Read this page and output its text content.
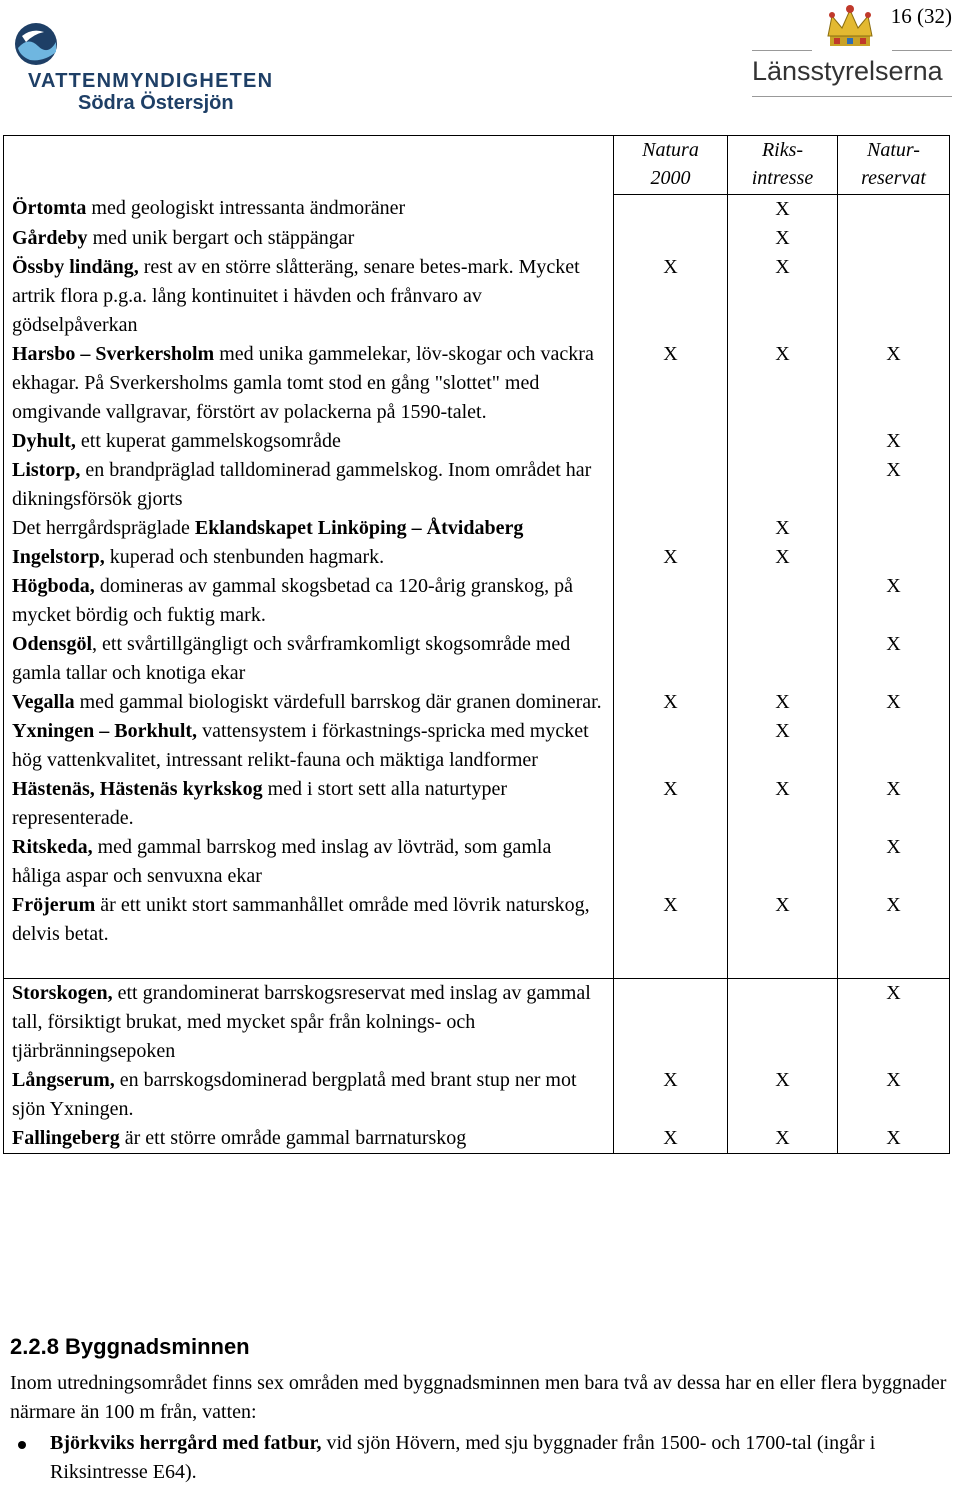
VATTENMYNDIGHETEN
Södra Östersjön
16 (32)
Länsstyrelserna
	Natura 2000	Riks-intresse	Natur-reservat
Örtomta med geologiskt intressanta ändmoräner		X	
Gårdeby med unik bergart och stäppängar		X	
Össby lindäng, rest av en större slåtteräng, senare betes-mark. Mycket artrik flora p.g.a. lång kontinuitet i hävden och frånvaro av gödselpåverkan	X	X	
Harsbo – Sverkersholm med unika gammelekar, löv-skogar och vackra ekhagar. På Sverkersholms gamla tomt stod en gång "slottet" med omgivande vallgravar, förstört av polackerna på 1590-talet.	X	X	X
Dyhult, ett kuperat gammelskogsområde			X
Listorp, en brandpräglad talldominerad gammelskog. Inom området har dikningsförsök gjorts			X
Det herrgårdspräglade Eklandskapet Linköping – Åtvidaberg		X	
Ingelstorp, kuperad och stenbunden hagmark.	X	X	
Högboda, domineras av gammal skogsbetad ca 120-årig granskog, på mycket bördig och fuktig mark.			X
Odensgöl, ett svårtillgängligt och svårframkomligt skogsområde med gamla tallar och knotiga ekar			X
Vegalla med gammal biologiskt värdefull barrskog där granen dominerar.	X	X	X
Yxningen – Borkhult, vattensystem i förkastnings-spricka med mycket hög vattenkvalitet, intressant relikt-fauna och mäktiga landformer		X	
Hästenäs, Hästenäs kyrkskog med i stort sett alla naturtyper representerade.	X	X	X
Ritskeda, med gammal barrskog med inslag av lövträd, som gamla håliga aspar och senvuxna ekar			X
Fröjerum är ett unikt stort sammanhållet område med lövrik naturskog, delvis betat.	X	X	X
Storskogen, ett grandominerat barrskogsreservat med inslag av gammal tall, försiktigt brukat, med mycket spår från kolnings- och tjärbränningsepoken			X
Långserum, en barrskogsdominerad bergplatå med brant stup ner mot sjön Yxningen.	X	X	X
Fallingeberg är ett större område gammal barrnaturskog	X	X	X
2.2.8 Byggnadsminnen
Inom utredningsområdet finns sex områden med byggnadsminnen men bara två av dessa har en eller flera byggnader närmare än 100 m från, vatten:
Björkviks herrgård med fatbur, vid sjön Hövern, med sju byggnader från 1500- och 1700-tal (ingår i Riksintresse E64).
